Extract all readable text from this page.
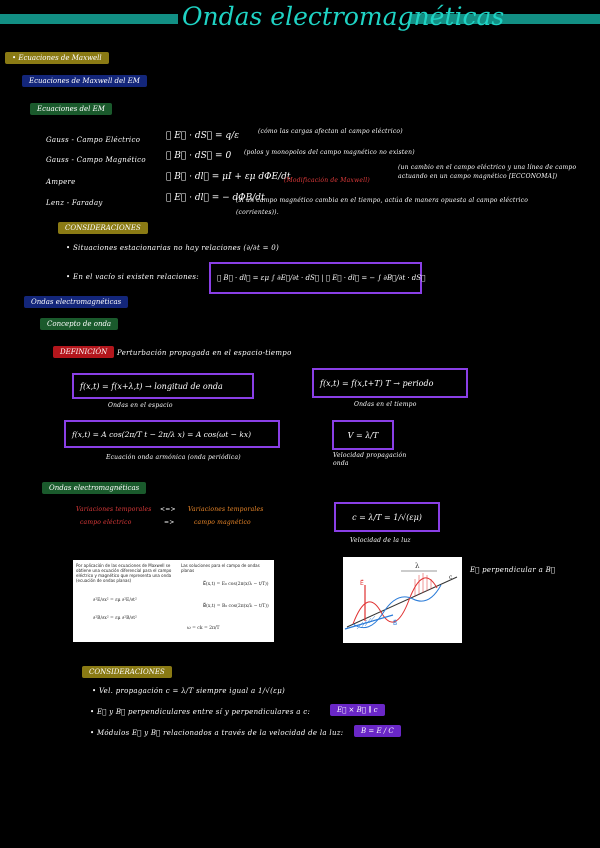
Ondas electromagnéticas
• Ecuaciones de Maxwell
Ecuaciones de Maxwell del EM
Ecuaciones del EM
Gauss - Campo Eléctrico	∮ E⃗ · dS⃗ = q/ε	(cómo las cargas afectan al campo eléctrico)
Gauss - Campo Magnético ∮ B⃗ · dS⃗ = 0 (polos y monopolos del campo magnético no existen)
Ampere	∮ B⃗ · dl⃗ = μI + εμ dΦE/dt
(Modificación de Maxwell)
(un cambio en el campo eléctrico y una línea de campo actuando en un campo magnético [ECCONOMA])
Lenz - Faraday	∮ E⃗ · dl⃗ = − dΦB/dt
(si un campo magnético cambia en el tiempo, actúa de manera opuesta al campo eléctrico (corrientes)).
CONSIDERACIONES
• Situaciones estacionarias no hay relaciones (∂/∂t = 0)
• En el vacío si existen relaciones:	∮ B⃗ · dl⃗ = εμ ∫ ∂E⃗/∂t · dS⃗ | ∮ E⃗ · dl⃗ = − ∫ ∂B⃗/∂t · dS⃗
Ondas electromagnéticas
Concepto de onda
DEFINICIÓN	Perturbación propagada en el espacio-tiempo
f(x,t) = f(x+λ,t) → longitud de onda
Ondas en el espacio
f(x,t) = f(x,t+T) T → periodo
Ondas en el tiempo
f(x,t) = A cos(2π/T t − 2π/λ x) = A cos(ωt − kx)
Ecuación onda armónica (onda periódica)
V = λ/T
Velocidad propagación onda
Ondas electromagnéticas
Variaciones temporales
campo eléctrico
<=>
=>
Variaciones temporales
campo magnético
c = λ/T = 1/√(εμ)
Velocidad de la luz
Por aplicación de las ecuaciones de Maxwell se obtiene una ecuación diferencial para el campo eléctrico y magnético que representa una onda (ecuación de ondas planas)
Las soluciones para el campo de ondas planas
∂²E/∂x² = εμ ∂²E/∂t²
∂²B/∂x² = εμ ∂²B/∂t²
E⃗(x,t) = E₀ cos(2π(x/λ − t/T))
B⃗(x,t) = B₀ cos(2π(x/λ − t/T))
ω = ck = 2π/T
λ
E⃗
B⃗
c
E⃗ perpendicular a B⃗
CONSIDERACIONES
• Vel. propagación c = λ/T siempre igual a 1/√(εμ)
• E⃗ y B⃗ perpendiculares entre sí y perpendiculares a c:	E⃗ × B⃗ ∥ c
• Módulos E⃗ y B⃗ relacionados a través de la velocidad de la luz:	B = E / C
